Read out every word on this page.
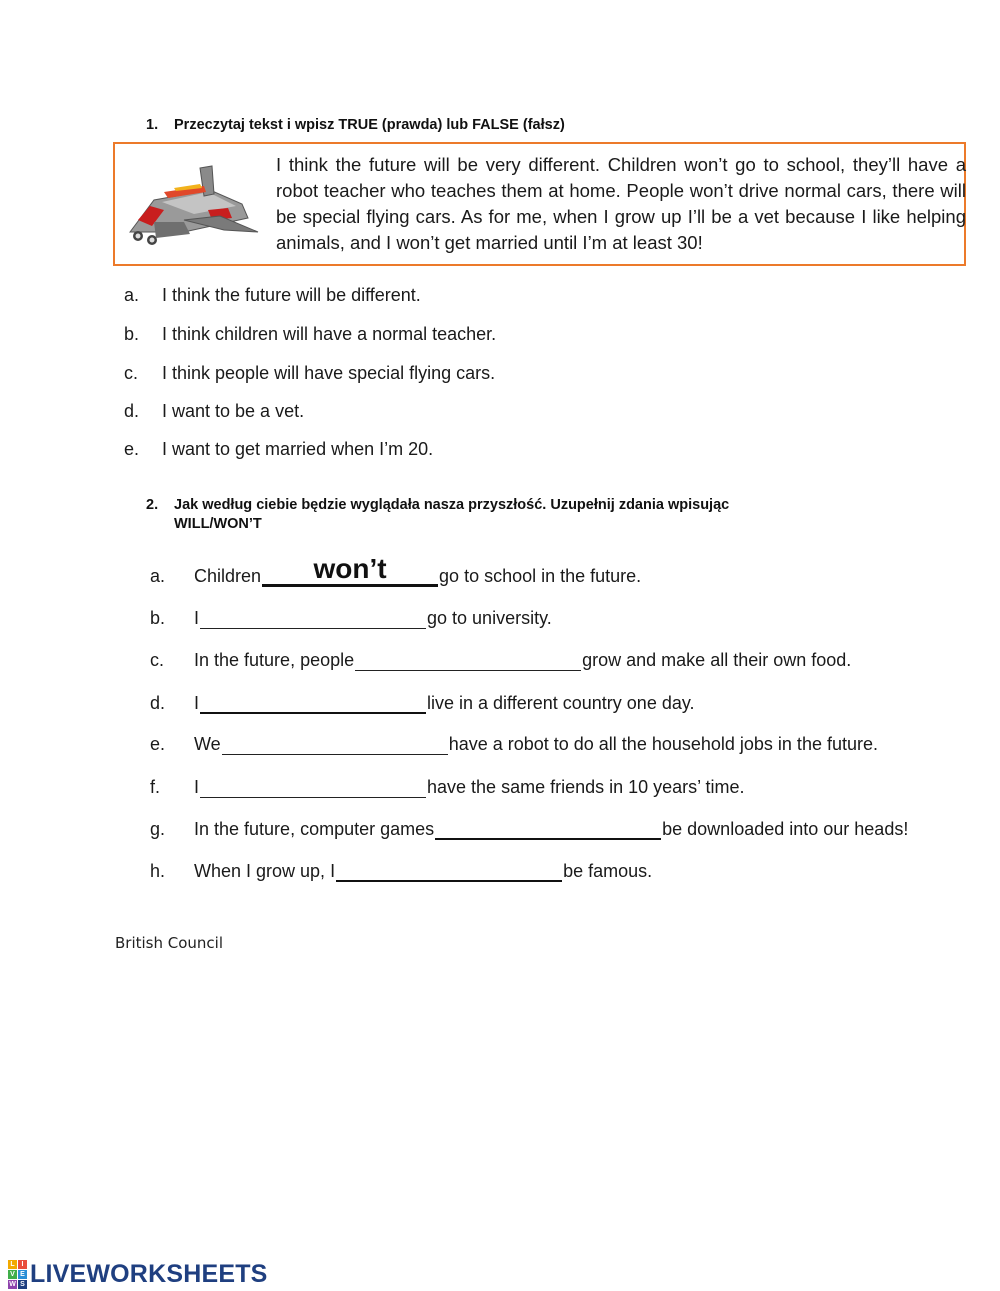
1. Przeczytaj tekst i wpisz TRUE (prawda) lub FALSE (fałsz)
I think the future will be very different. Children won’t go to school, they’ll have a robot teacher who teaches them at home. People won’t drive normal cars, there will be special flying cars. As for me, when I grow up I’ll be a vet because I like helping animals, and I won’t get married until I’m at least 30!
a. I think the future will be different.
b. I think children will have a normal teacher.
c. I think people will have special flying cars.
d. I want to be a vet.
e. I want to get married when I’m 20.
2. Jak według ciebie będzie wyglądała nasza przyszłość. Uzupełnij zdania wpisując
WILL/WON’T
a.	Children	won’t	go to school in the future.
b.	I	go to university.
c.	In the future, people	grow and make all their own food.
d.	I	live in a different country one day.
e.	We	have a robot to do all the household jobs in the future.
f.	I	have the same friends in 10 years’ time.
g.	In the future, computer games	be downloaded into our heads!
h.	When I grow up, I	be famous.
British Council
L I
V E
W S LIVEWORKSHEETS
